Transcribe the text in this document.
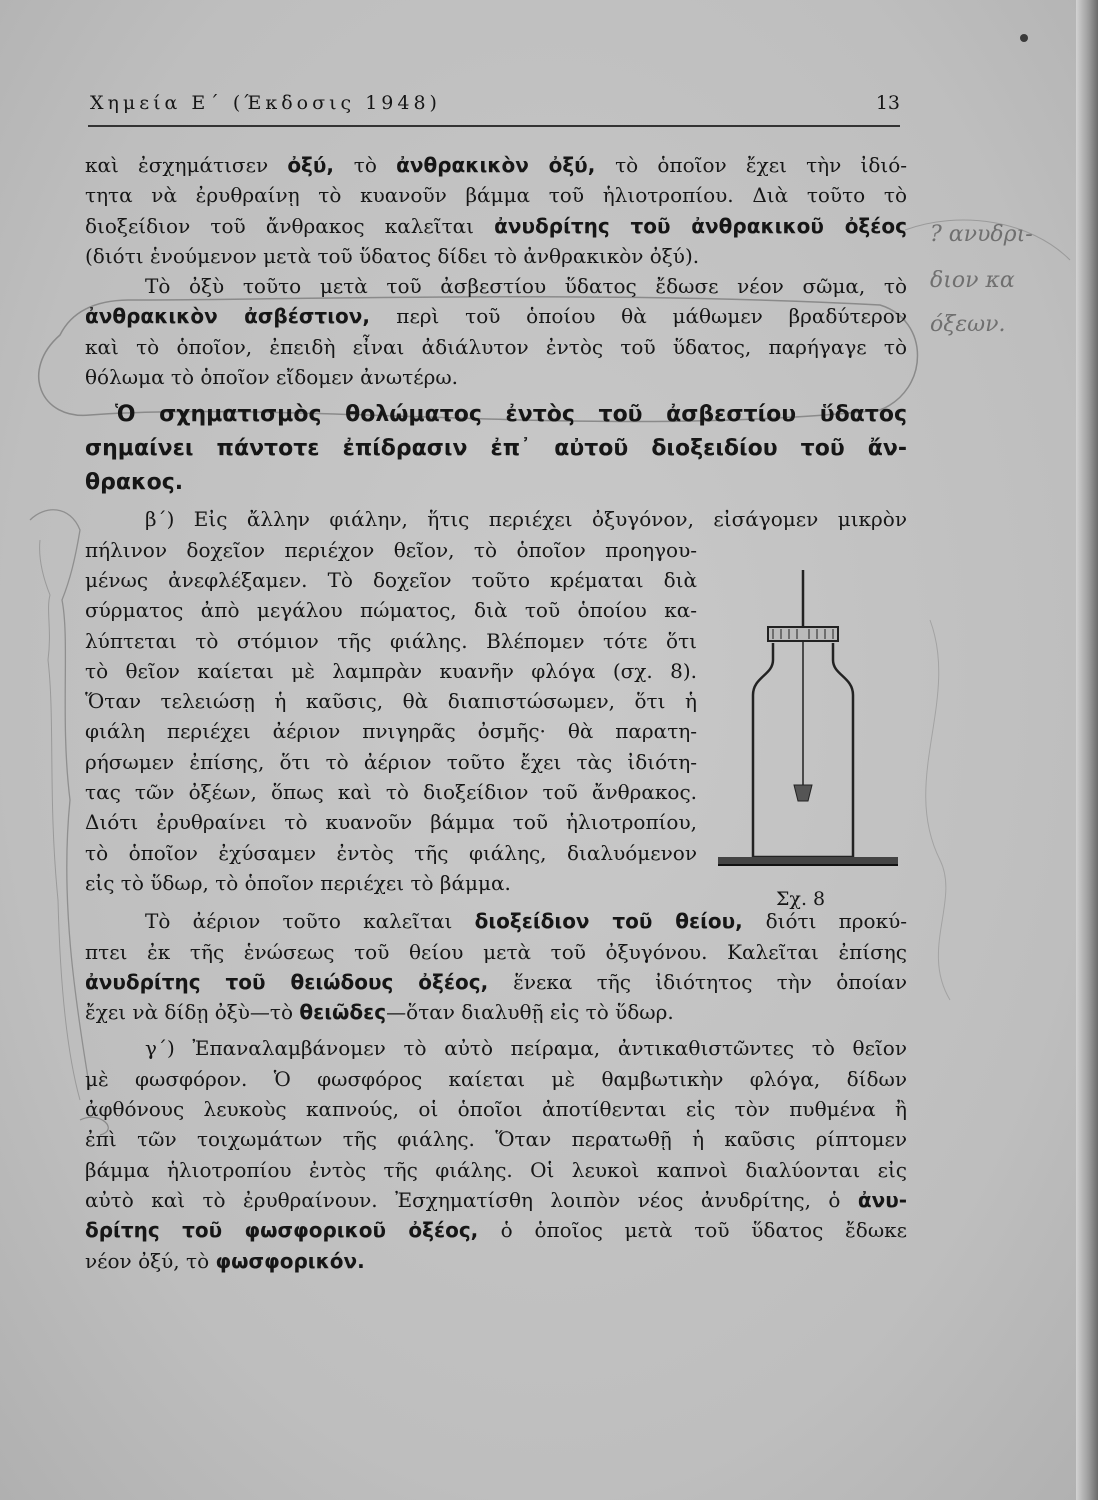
Χημεία Ε΄ (Έκδοσις 1948)	13
? ανυδρι-
διον κα
όξεων.
καὶ ἐσχημάτισεν ὀξύ, τὸ ἀνθρακικὸν ὀξύ, τὸ ὁποῖον ἔχει τὴν ἰδιό-
τητα νὰ ἐρυθραίνῃ τὸ κυανοῦν βάμμα τοῦ ἡλιοτροπίου. Διὰ τοῦτο τὸ
διοξείδιον τοῦ ἄνθρακος καλεῖται ἀνυδρίτης τοῦ ἀνθρακικοῦ ὀξέος
(διότι ἑνούμενον μετὰ τοῦ ὕδατος δίδει τὸ ἀνθρακικὸν ὀξύ).
Τὸ ὀξὺ τοῦτο μετὰ τοῦ ἀσβεστίου ὕδατος ἔδωσε νέον σῶμα, τὸ
ἀνθρακικὸν ἀσβέστιον, περὶ τοῦ ὁποίου θὰ μάθωμεν βραδύτερον
καὶ τὸ ὁποῖον, ἐπειδὴ εἶναι ἀδιάλυτον ἐντὸς τοῦ ὕδατος, παρήγαγε τὸ
θόλωμα τὸ ὁποῖον εἴδομεν ἀνωτέρω.
Ὁ σχηματισμὸς θολώματος ἐντὸς τοῦ ἀσβεστίου ὕδατος
σημαίνει πάντοτε ἐπίδρασιν ἐπ᾽ αὐτοῦ διοξειδίου τοῦ ἄν-
θρακος.
β΄) Εἰς ἄλλην φιάλην, ἥτις περιέχει ὀξυγόνον, εἰσάγομεν μικρὸν
πήλινον δοχεῖον περιέχον θεῖον, τὸ ὁποῖον προηγου-
μένως ἀνεφλέξαμεν. Τὸ δοχεῖον τοῦτο κρέμαται διὰ
σύρματος ἀπὸ μεγάλου πώματος, διὰ τοῦ ὁποίου κα-
λύπτεται τὸ στόμιον τῆς φιάλης. Βλέπομεν τότε ὅτι
τὸ θεῖον καίεται μὲ λαμπρὰν κυανῆν φλόγα (σχ. 8).
Ὅταν τελειώσῃ ἡ καῦσις, θὰ διαπιστώσωμεν, ὅτι ἡ
φιάλη περιέχει ἀέριον πνιγηρᾶς ὀσμῆς· θὰ παρατη-
ρήσωμεν ἐπίσης, ὅτι τὸ ἀέριον τοῦτο ἔχει τὰς ἰδιότη-
τας τῶν ὀξέων, ὅπως καὶ τὸ διοξείδιον τοῦ ἄνθρακος.
Διότι ἐρυθραίνει τὸ κυανοῦν βάμμα τοῦ ἡλιοτροπίου,
τὸ ὁποῖον ἐχύσαμεν ἐντὸς τῆς φιάλης, διαλυόμενον
εἰς τὸ ὕδωρ, τὸ ὁποῖον περιέχει τὸ βάμμα.
Τὸ ἀέριον τοῦτο καλεῖται διοξείδιον τοῦ θείου, διότι προκύ-
πτει ἐκ τῆς ἑνώσεως τοῦ θείου μετὰ τοῦ ὀξυγόνου. Καλεῖται ἐπίσης
ἀνυδρίτης τοῦ θειώδους ὀξέος, ἕνεκα τῆς ἰδιότητος τὴν ὁποίαν
ἔχει νὰ δίδῃ ὀξὺ—τὸ θειῶδες—ὅταν διαλυθῇ εἰς τὸ ὕδωρ.
γ΄) Ἐπαναλαμβάνομεν τὸ αὐτὸ πείραμα, ἀντικαθιστῶντες τὸ θεῖον
μὲ φωσφόρον. Ὁ φωσφόρος καίεται μὲ θαμβωτικὴν φλόγα, δίδων
ἀφθόνους λευκοὺς καπνούς, οἱ ὁποῖοι ἀποτίθενται εἰς τὸν πυθμένα ἢ
ἐπὶ τῶν τοιχωμάτων τῆς φιάλης. Ὅταν περατωθῇ ἡ καῦσις ρίπτομεν
βάμμα ἡλιοτροπίου ἐντὸς τῆς φιάλης. Οἱ λευκοὶ καπνοὶ διαλύονται εἰς
αὐτὸ καὶ τὸ ἐρυθραίνουν. Ἐσχηματίσθη λοιπὸν νέος ἀνυδρίτης, ὁ ἀνυ-
δρίτης τοῦ φωσφορικοῦ ὀξέος, ὁ ὁποῖος μετὰ τοῦ ὕδατος ἔδωκε
νέον ὀξύ, τὸ φωσφορικόν.
Σχ. 8
